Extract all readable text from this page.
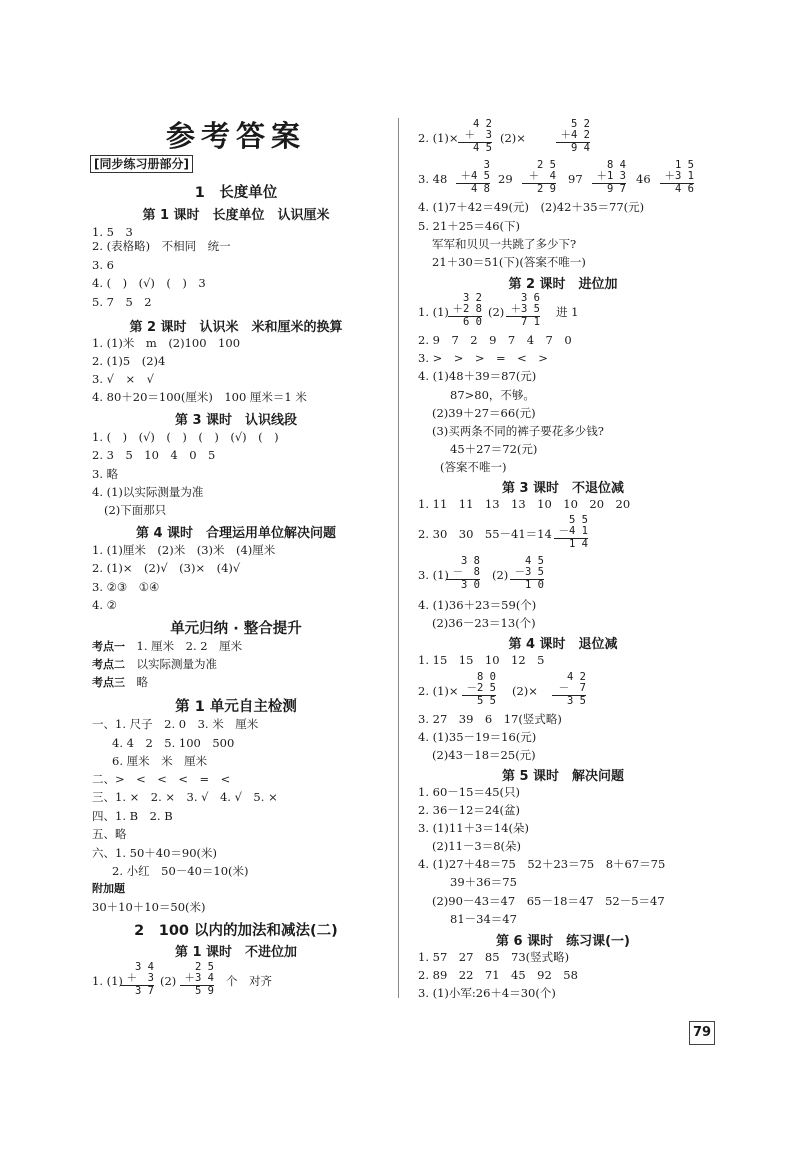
参考答案
[同步练习册部分]
1　长度单位
第 1 课时　长度单位　认识厘米
1. 5　3
2. (表格略)　不相同　统一
3. 6
4. (　)　(√)　(　)　3
5. 7　5　2
第 2 课时　认识米　米和厘米的换算
1. (1)米　m　(2)100　100
2. (1)5　(2)4
3. √　×　√
4. 80＋20＝100(厘米)　100 厘米＝1 米
第 3 课时　认识线段
1. (　)　(√)　(　)　(　)　(√)　(　)
2. 3　5　10　4　0　5
3. 略
4. (1)以实际测量为准
(2)下面那只
第 4 课时　合理运用单位解决问题
1. (1)厘米　(2)米　(3)米　(4)厘米
2. (1)×　(2)√　(3)×　(4)√
3. ②③　①④
4. ②
单元归纳 · 整合提升
考点一　 1. 厘米　2. 2　厘米
考点二　 以实际测量为准
考点三　 略
第 1 单元自主检测
一、1. 尺子　2. 0　3. 米　厘米
4. 4　2　5. 100　500
6. 厘米　米　厘米
二、>　<　<　<　=　<
三、1. ×　2. ×　3. √　4. √　5. ×
四、1. B　2. B
五、略
六、1. 50＋40＝90(米)
2. 小红　50－40＝10(米)
附加题
30＋10＋10＝50(米)
2　100 以内的加法和减法(二)
第 1 课时　不进位加
1. (1)
3 4
＋　3
3 7
(2)
2 5
＋3 4
5 9
个　对齐
2. (1)×
4 2
＋　3
4 5
(2)×
5 2
＋4 2
9 4
3. 48
3
＋4 5
4 8
29
2 5
＋　4
2 9
97
8 4
＋1 3
9 7
46
1 5
＋3 1
4 6
4. (1)7＋42＝49(元)　(2)42＋35＝77(元)
5. 21＋25＝46(下)
军军和贝贝一共跳了多少下?
21＋30＝51(下)(答案不唯一)
第 2 课时　进位加
1. (1)
3 2
＋2 8
6 0
(2)
3 6
＋3 5
7 1
进 1
2. 9　7　2　9　7　4　7　0
3. >　>　>　=　<　>
4. (1)48＋39＝87(元)
87>80，不够。
(2)39＋27＝66(元)
(3)买两条不同的裤子要花多少钱?
45＋27＝72(元)
(答案不唯一)
第 3 课时　不退位减
1. 11　11　13　13　10　10　20　20
2. 30　30　55－41＝14
5 5
－4 1
1 4
3. (1)
3 8
－　8
3 0
(2)
4 5
－3 5
1 0
4. (1)36＋23＝59(个)
(2)36－23＝13(个)
第 4 课时　退位减
1. 15　15　10　12　5
2. (1)×
8 0
－2 5
5 5
(2)×
4 2
－　7
3 5
3. 27　39　6　17(竖式略)
4. (1)35－19＝16(元)
(2)43－18＝25(元)
第 5 课时　解决问题
1. 60－15＝45(只)
2. 36－12＝24(盆)
3. (1)11＋3＝14(朵)
(2)11－3＝8(朵)
4. (1)27＋48＝75　52＋23＝75　8＋67＝75
39＋36＝75
(2)90－43＝47　65－18＝47　52－5＝47
81－34＝47
第 6 课时　练习课(一)
1. 57　27　85　73(竖式略)
2. 89　22　71　45　92　58
3. (1)小军:26＋4＝30(个)
79
